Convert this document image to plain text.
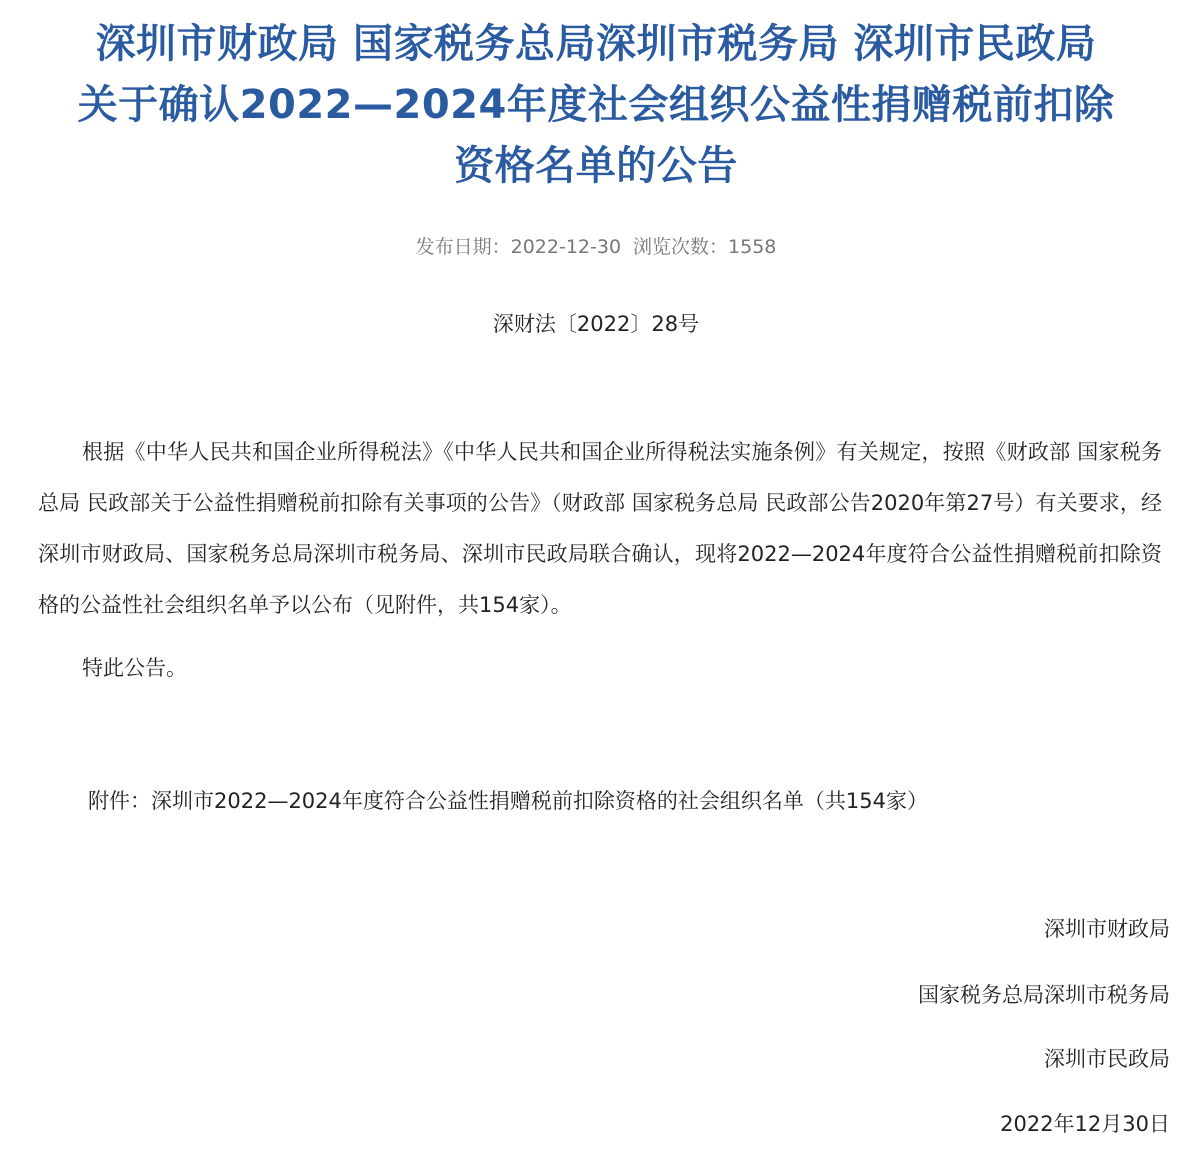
深圳市财政局 国家税务总局深圳市税务局 深圳市民政局
关于确认2022—2024年度社会组织公益性捐赠税前扣除
资格名单的公告
发布日期：2022-12-30 浏览次数：1558
深财法〔2022〕28号

根据《中华人民共和国企业所得税法》《中华人民共和国企业所得税法实施条例》有关规定，按照《财政部 国家税务总局 民政部关于公益性捐赠税前扣除有关事项的公告》（财政部 国家税务总局 民政部公告2020年第27号）有关要求，经深圳市财政局、国家税务总局深圳市税务局、深圳市民政局联合确认，现将2022—2024年度符合公益性捐赠税前扣除资格的公益性社会组织名单予以公布（见附件，共154家）。

特此公告。

附件：深圳市2022—2024年度符合公益性捐赠税前扣除资格的社会组织名单（共154家）
深圳市财政局
国家税务总局深圳市税务局
深圳市民政局
2022年12月30日
